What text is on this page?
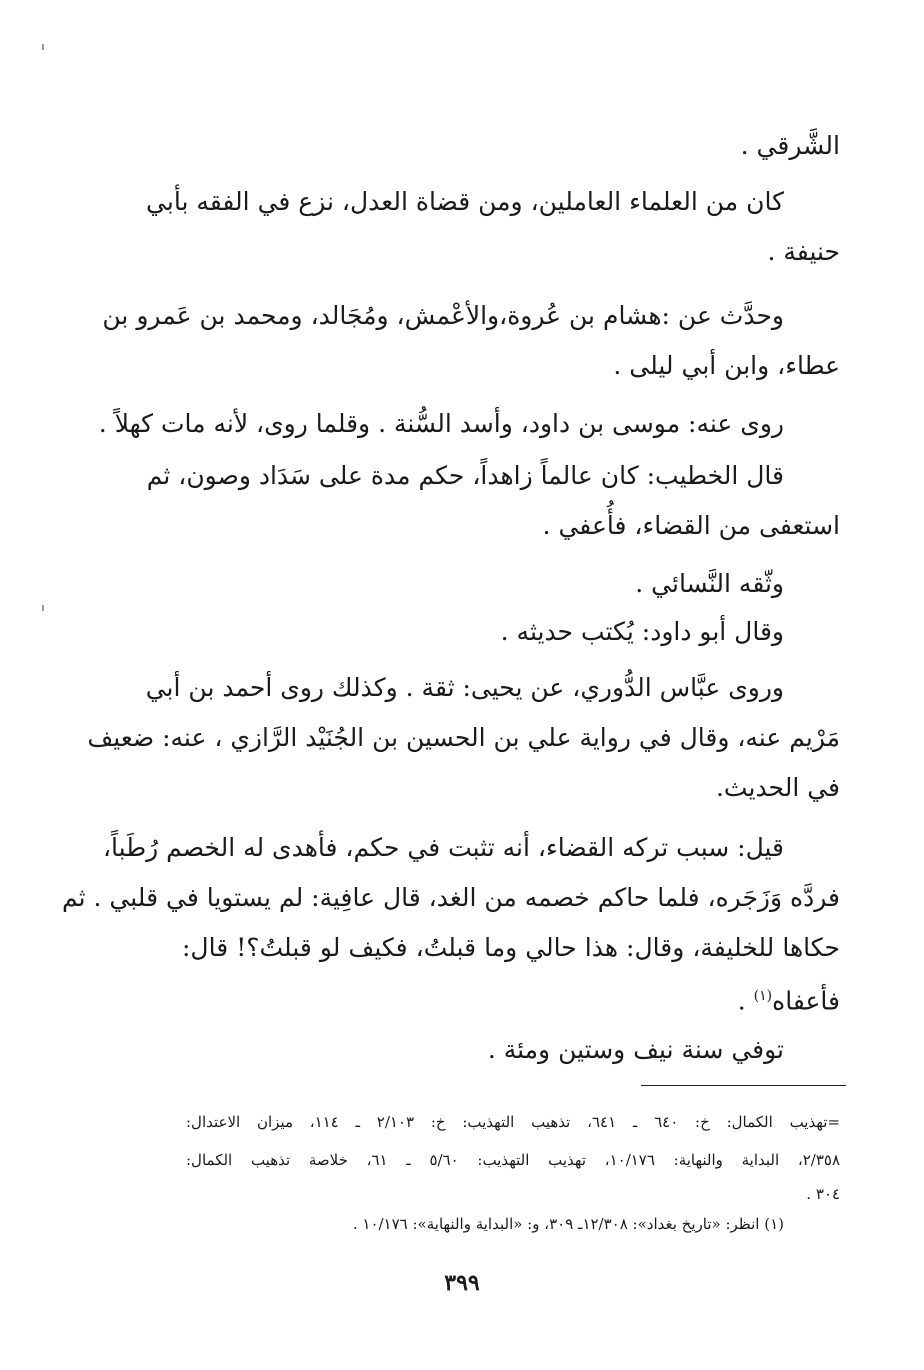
الشَّرقي .
كان من العلماء العاملين، ومن قضاة العدل، نزع في الفقه بأبي
حنيفة .
وحدَّث عن :هشام بن عُروة،والأعْمش، ومُجَالد، ومحمد بن عَمرو بن
عطاء، وابن أبي ليلى .
روى عنه: موسى بن داود، وأسد السُّنة . وقلما روى، لأنه مات كهلاً .
قال الخطيب: كان عالماً زاهداً، حكم مدة على سَدَاد وصون، ثم
استعفى من القضاء، فأُعفي .
وثّقه النَّسائي .
وقال أبو داود: يُكتب حديثه .
وروى عبَّاس الدُّوري، عن يحيى: ثقة . وكذلك روى أحمد بن أبي
مَرْيم عنه، وقال في رواية علي بن الحسين بن الجُنَيْد الرَّازي ، عنه: ضعيف
في الحديث.
قيل: سبب تركه القضاء، أنه تثبت في حكم، فأهدى له الخصم رُطَباً،
فردَّه وَزَجَره، فلما حاكم خصمه من الغد، قال عافِية: لم يستويا في قلبي . ثم
حكاها للخليفة، وقال: هذا حالي وما قبلتُ، فكيف لو قبلتُ؟! قال:
فأعفاه$^{(١)}$ .
توفي سنة نيف وستين ومئة .
=تهذيب الكمال: خ: ٦٤٠ ـ ٦٤١، تذهيب التهذيب: خ: ٢/١٠٣ ـ ١١٤، ميزان الاعتدال:
٢/٣٥٨، البداية والنهاية: ١٠/١٧٦، تهذيب التهذيب: ٥/٦٠ ـ ٦١، خلاصة تذهيب الكمال:
٣٠٤ .
(١) انظر: «تاريخ بغداد»: ١٢/٣٠٨ـ ٣٠٩، و: «البداية والنهاية»: ١٠/١٧٦ .
٣٩٩
